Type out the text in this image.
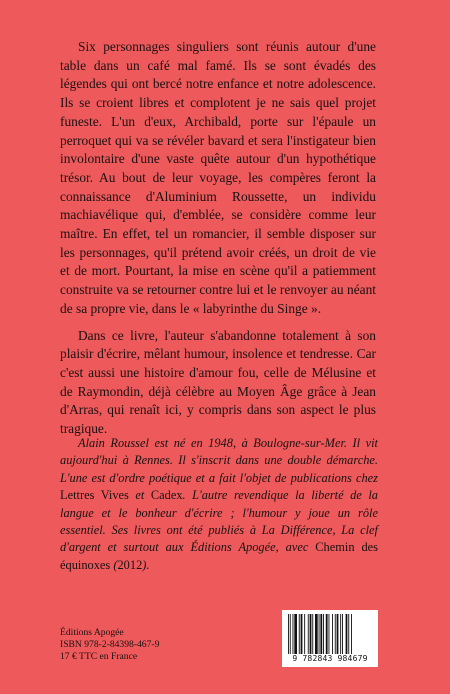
Six personnages singuliers sont réunis autour d'une table dans un café mal famé. Ils se sont évadés des légendes qui ont bercé notre enfance et notre adolescence. Ils se croient libres et complotent je ne sais quel projet funeste. L'un d'eux, Archibald, porte sur l'épaule un perroquet qui va se révéler bavard et sera l'instigateur bien involontaire d'une vaste quête autour d'un hypothétique trésor. Au bout de leur voyage, les compères feront la connaissance d'Aluminium Roussette, un individu machiavélique qui, d'emblée, se considère comme leur maître. En effet, tel un romancier, il semble disposer sur les personnages, qu'il prétend avoir créés, un droit de vie et de mort. Pourtant, la mise en scène qu'il a patiemment construite va se retourner contre lui et le renvoyer au néant de sa propre vie, dans le « labyrinthe du Singe ».

Dans ce livre, l'auteur s'abandonne totalement à son plaisir d'écrire, mêlant humour, insolence et tendresse. Car c'est aussi une histoire d'amour fou, celle de Mélusine et de Raymondin, déjà célèbre au Moyen Âge grâce à Jean d'Arras, qui renaît ici, y compris dans son aspect le plus tragique.

Alain Roussel est né en 1948, à Boulogne-sur-Mer. Il vit aujourd'hui à Rennes. Il s'inscrit dans une double démarche. L'une est d'ordre poétique et a fait l'objet de publications chez Lettres Vives et Cadex. L'autre revendique la liberté de la langue et le bonheur d'écrire ; l'humour y joue un rôle essentiel. Ses livres ont été publiés à La Différence, La clef d'argent et surtout aux Éditions Apogée, avec Chemin des équinoxes (2012).

Éditions Apogée
ISBN 978-2-84398-467-9
17 € TTC en France	9 782843 984679
